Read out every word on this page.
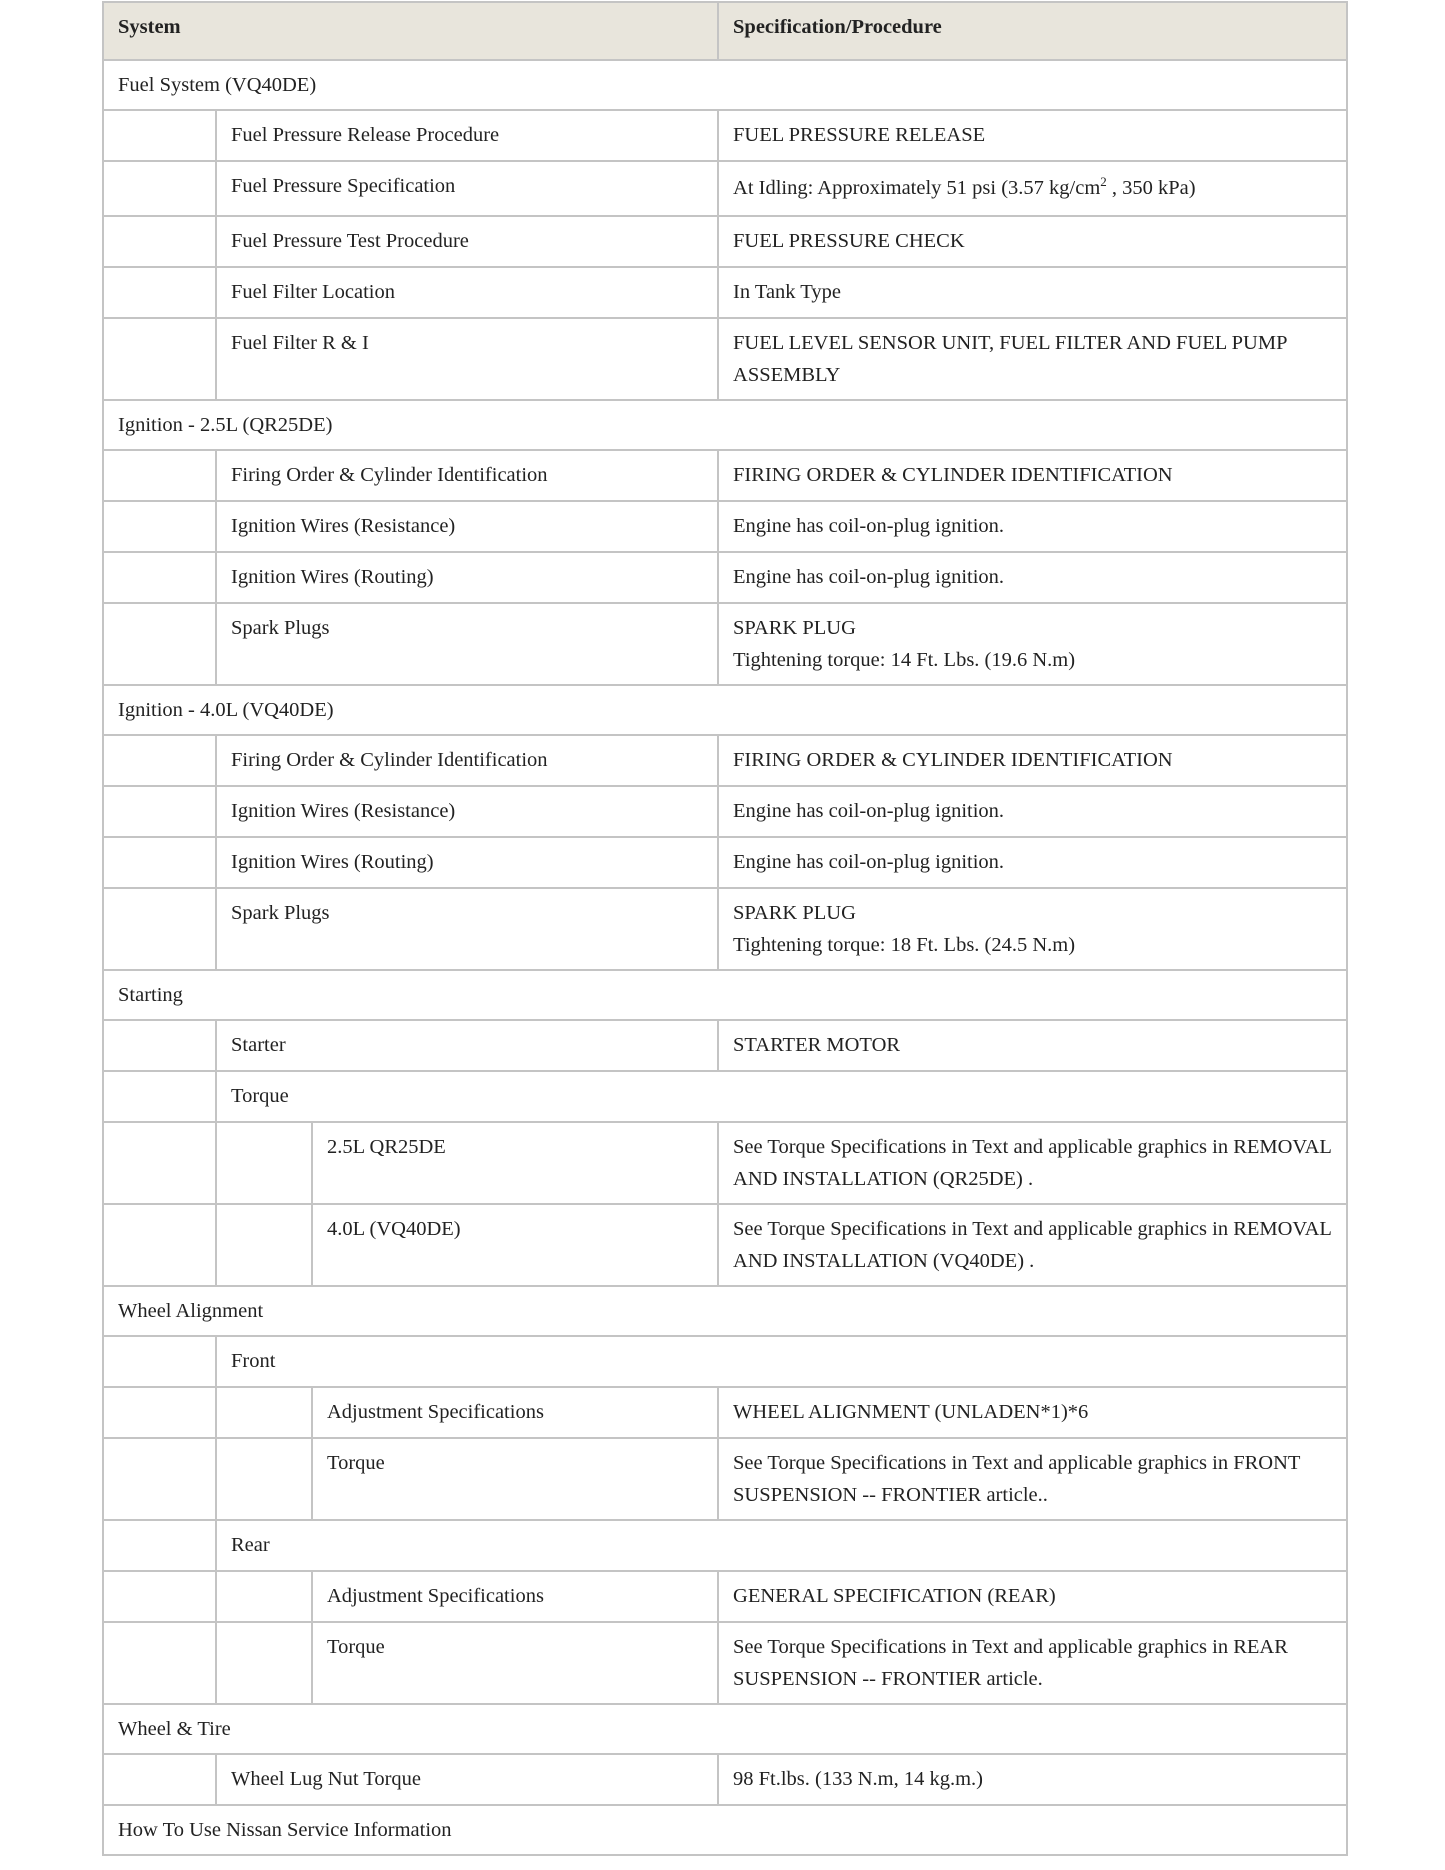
System			Specification/Procedure
Fuel System (VQ40DE)			
	Fuel Pressure Release Procedure		FUEL PRESSURE RELEASE
	Fuel Pressure Specification		At Idling: Approximately 51 psi (3.57 $kg/cm^2$ , 350 kPa)
	Fuel Pressure Test Procedure		FUEL PRESSURE CHECK
	Fuel Filter Location		In Tank Type
	Fuel Filter R & I		FUEL LEVEL SENSOR UNIT, FUEL FILTER AND FUEL PUMP ASSEMBLY
Ignition - 2.5L (QR25DE)			
	Firing Order & Cylinder Identification		FIRING ORDER & CYLINDER IDENTIFICATION
	Ignition Wires (Resistance)		Engine has coil-on-plug ignition.
	Ignition Wires (Routing)		Engine has coil-on-plug ignition.
	Spark Plugs		SPARK PLUG
Tightening torque: 14 Ft. Lbs. (19.6 N.m)

Ignition - 4.0L (VQ40DE)			
	Firing Order & Cylinder Identification		FIRING ORDER & CYLINDER IDENTIFICATION
	Ignition Wires (Resistance)		Engine has coil-on-plug ignition.
	Ignition Wires (Routing)		Engine has coil-on-plug ignition.
	Spark Plugs		SPARK PLUG
Tightening torque: 18 Ft. Lbs. (24.5 N.m)

Starting			
	Starter		STARTER MOTOR
	Torque		
		2.5L QR25DE	See Torque Specifications in Text and applicable graphics in REMOVAL AND INSTALLATION (QR25DE) .
		4.0L (VQ40DE)	See Torque Specifications in Text and applicable graphics in REMOVAL AND INSTALLATION (VQ40DE) .
Wheel Alignment			
	Front		
		Adjustment Specifications	WHEEL ALIGNMENT (UNLADEN*1)*6
		Torque	See Torque Specifications in Text and applicable graphics in FRONT SUSPENSION -- FRONTIER article..
	Rear		
		Adjustment Specifications	GENERAL SPECIFICATION (REAR)
		Torque	See Torque Specifications in Text and applicable graphics in REAR SUSPENSION -- FRONTIER article.
Wheel & Tire			
	Wheel Lug Nut Torque		98 Ft.lbs. (133 N.m, 14 kg.m.)
How To Use Nissan Service Information			
